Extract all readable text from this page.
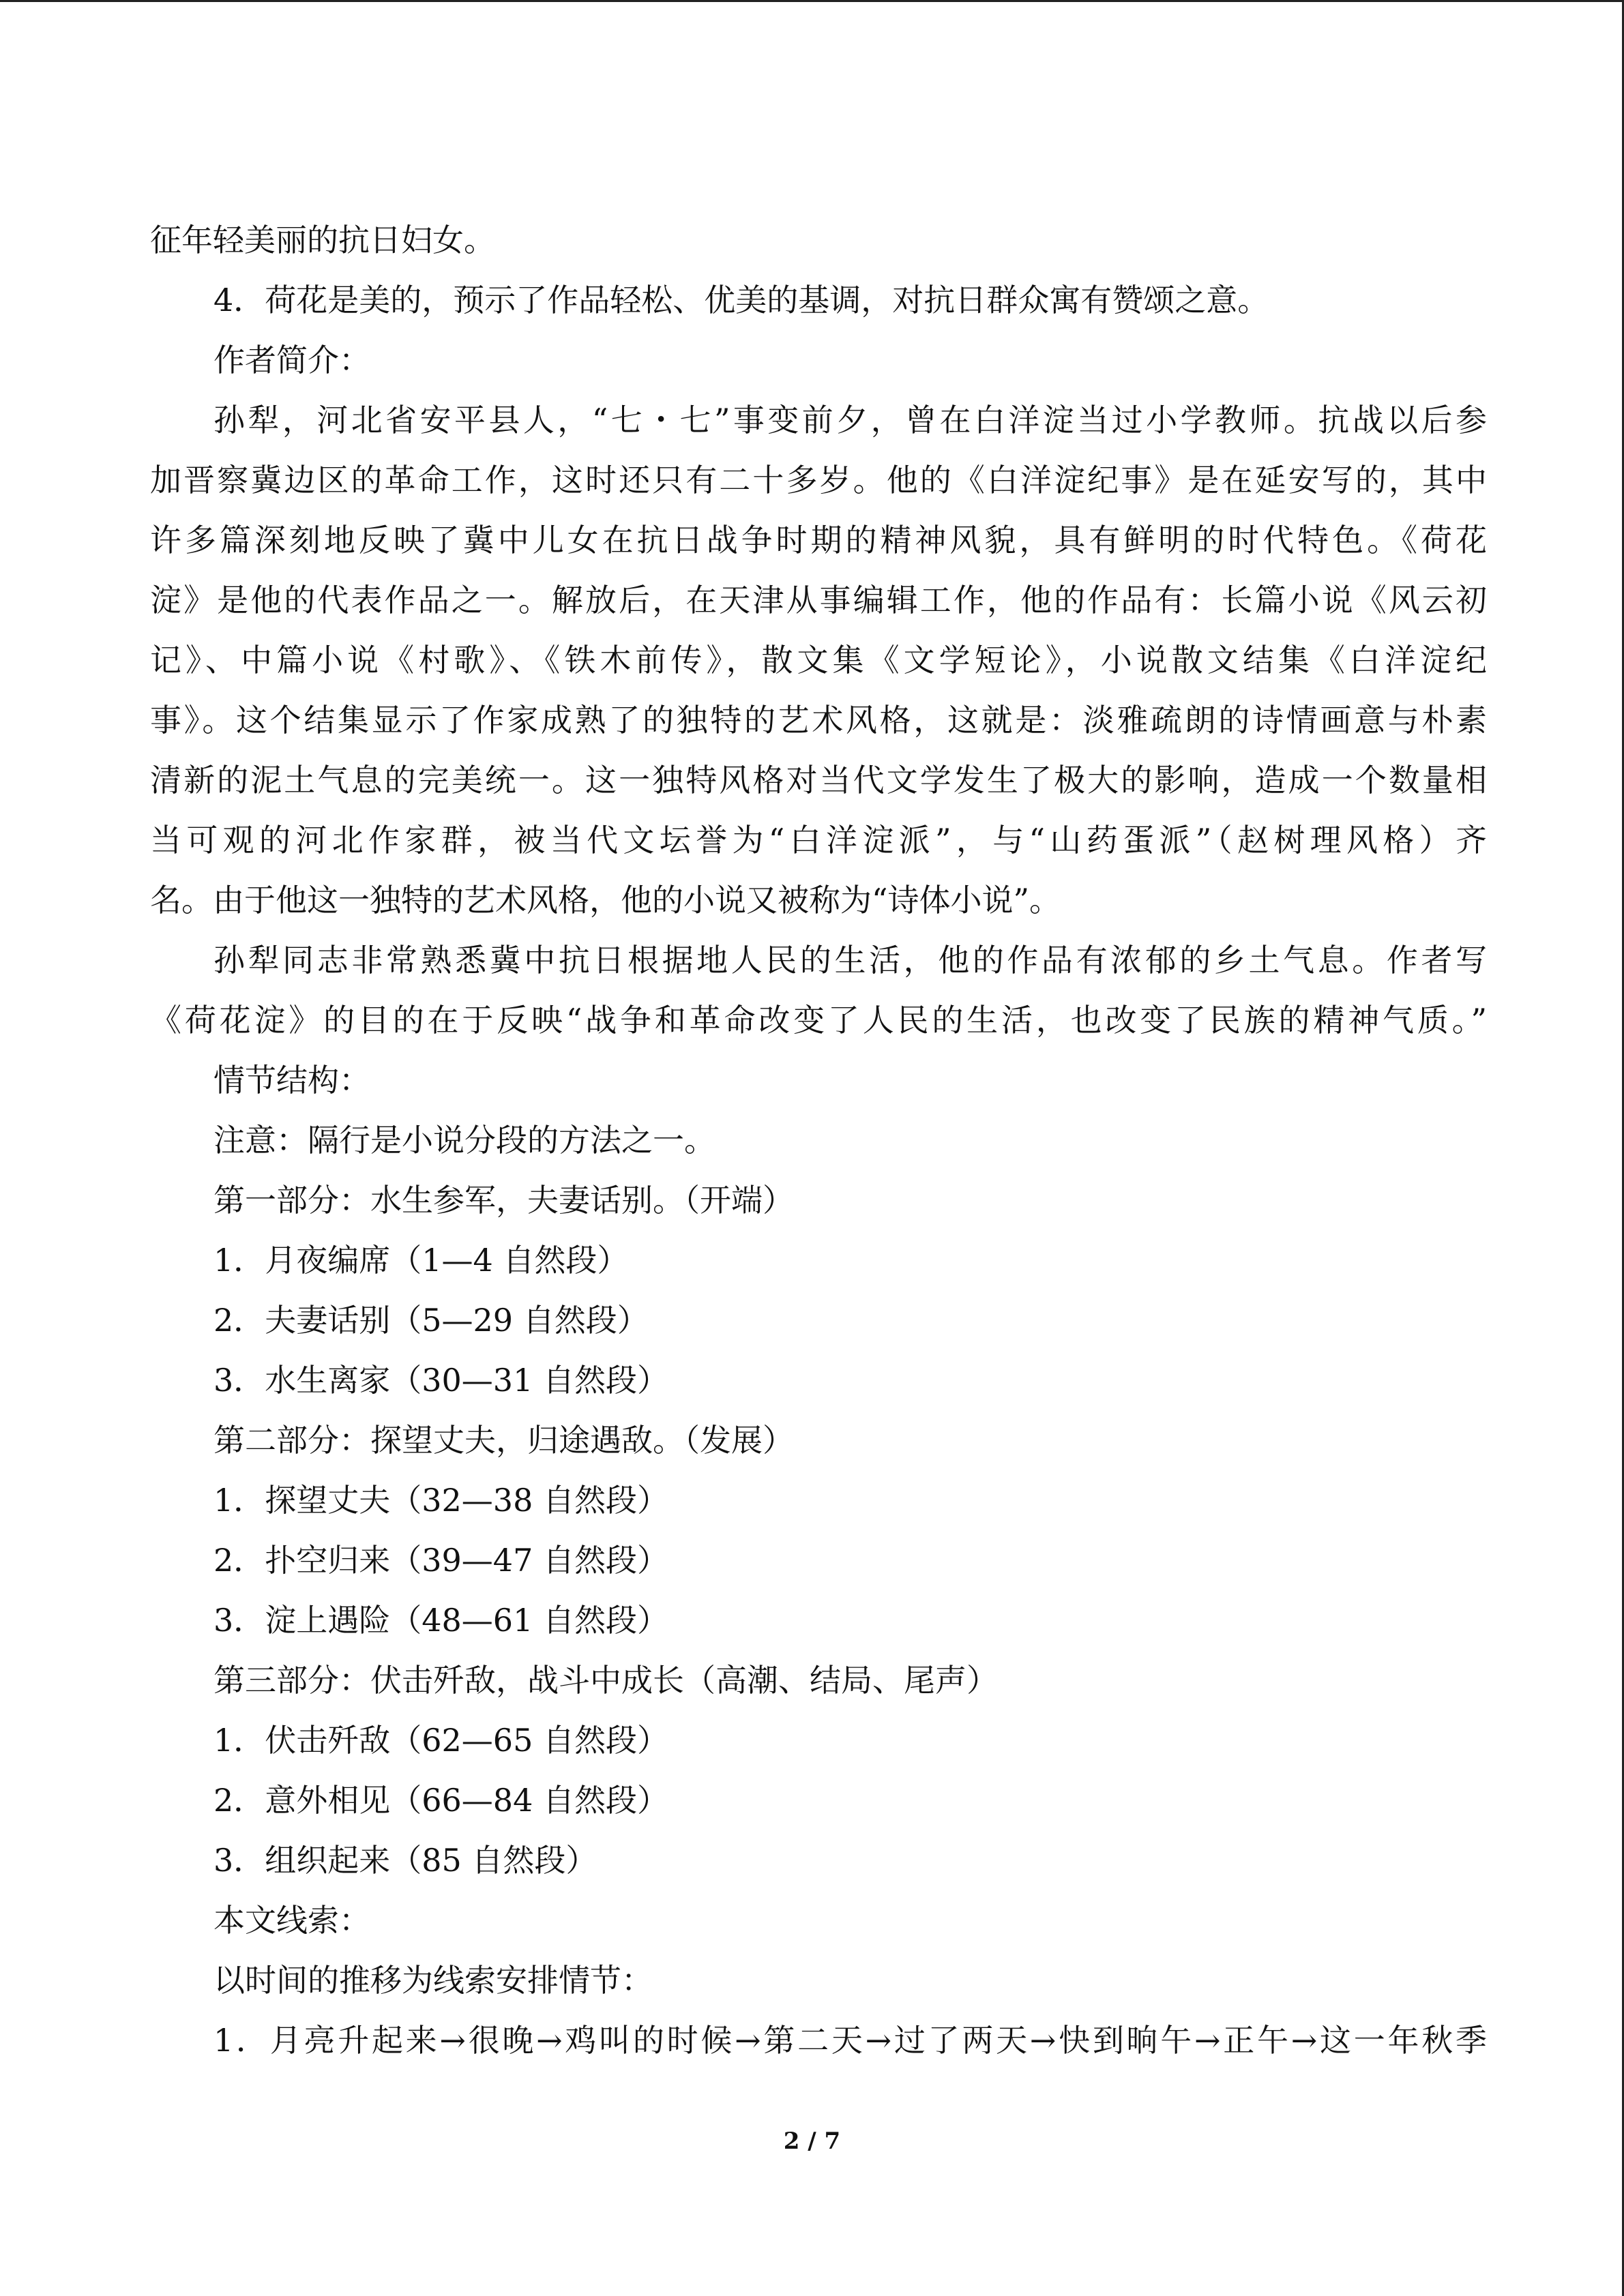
征年轻美丽的抗日妇女。
4．荷花是美的，预示了作品轻松、优美的基调，对抗日群众寓有赞颂之意。
作者简介：
孙犁，河北省安平县人，“七・七”事变前夕，曾在白洋淀当过小学教师。抗战以后参
加晋察冀边区的革命工作，这时还只有二十多岁。他的《白洋淀纪事》是在延安写的，其中
许多篇深刻地反映了冀中儿女在抗日战争时期的精神风貌，具有鲜明的时代特色。《荷花
淀》是他的代表作品之一。解放后，在天津从事编辑工作，他的作品有：长篇小说《风云初
记》、中篇小说《村歌》、《铁木前传》，散文集《文学短论》，小说散文结集《白洋淀纪
事》。这个结集显示了作家成熟了的独特的艺术风格，这就是：淡雅疏朗的诗情画意与朴素
清新的泥土气息的完美统一。这一独特风格对当代文学发生了极大的影响，造成一个数量相
当可观的河北作家群，被当代文坛誉为“白洋淀派”，与“山药蛋派”（赵树理风格）齐
名。由于他这一独特的艺术风格，他的小说又被称为“诗体小说”。
孙犁同志非常熟悉冀中抗日根据地人民的生活，他的作品有浓郁的乡土气息。作者写
《荷花淀》的目的在于反映“战争和革命改变了人民的生活，也改变了民族的精神气质。”
情节结构：
注意：隔行是小说分段的方法之一。
第一部分：水生参军，夫妻话别。（开端）
1．月夜编席（1—4 自然段）
2．夫妻话别（5—29 自然段）
3．水生离家（30—31 自然段）
第二部分：探望丈夫，归途遇敌。（发展）
1．探望丈夫（32—38 自然段）
2．扑空归来（39—47 自然段）
3．淀上遇险（48—61 自然段）
第三部分：伏击歼敌，战斗中成长（高潮、结局、尾声）
1．伏击歼敌（62—65 自然段）
2．意外相见（66—84 自然段）
3．组织起来（85 自然段）
本文线索：
以时间的推移为线索安排情节：
1．月亮升起来→很晚→鸡叫的时候→第二天→过了两天→快到晌午→正午→这一年秋季
2 / 7
